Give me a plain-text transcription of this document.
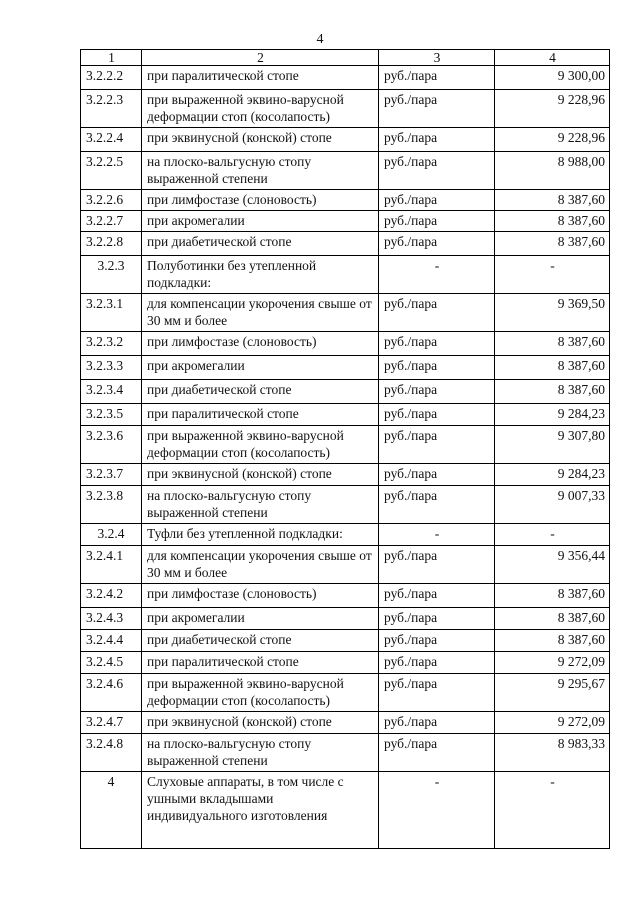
4
1	2	3	4
3.2.2.2	при паралитической стопе	руб./пара	9 300,00
3.2.2.3	при выраженной эквино-варусной деформации стоп (косолапость)	руб./пара	9 228,96
3.2.2.4	при эквинусной (конской) стопе	руб./пара	9 228,96
3.2.2.5	на плоско-вальгусную стопу выраженной степени	руб./пара	8 988,00
3.2.2.6	при лимфостазе (слоновость)	руб./пара	8 387,60
3.2.2.7	при акромегалии	руб./пара	8 387,60
3.2.2.8	при диабетической стопе	руб./пара	8 387,60
3.2.3	Полуботинки без утепленной подкладки:	-	-
3.2.3.1	для компенсации укорочения свыше от 30 мм и более	руб./пара	9 369,50
3.2.3.2	при лимфостазе (слоновость)	руб./пара	8 387,60
3.2.3.3	при акромегалии	руб./пара	8 387,60
3.2.3.4	при диабетической стопе	руб./пара	8 387,60
3.2.3.5	при паралитической стопе	руб./пара	9 284,23
3.2.3.6	при выраженной эквино-варусной деформации стоп (косолапость)	руб./пара	9 307,80
3.2.3.7	при эквинусной (конской) стопе	руб./пара	9 284,23
3.2.3.8	на плоско-вальгусную стопу выраженной степени	руб./пара	9 007,33
3.2.4	Туфли без утепленной подкладки:	-	-
3.2.4.1	для компенсации укорочения свыше от 30 мм и более	руб./пара	9 356,44
3.2.4.2	при лимфостазе (слоновость)	руб./пара	8 387,60
3.2.4.3	при акромегалии	руб./пара	8 387,60
3.2.4.4	при диабетической стопе	руб./пара	8 387,60
3.2.4.5	при паралитической стопе	руб./пара	9 272,09
3.2.4.6	при выраженной эквино-варусной деформации стоп (косолапость)	руб./пара	9 295,67
3.2.4.7	при эквинусной (конской) стопе	руб./пара	9 272,09
3.2.4.8	на плоско-вальгусную стопу выраженной степени	руб./пара	8 983,33
4	Слуховые аппараты, в том числе с ушными вкладышами индивидуального изготовления	-	-
